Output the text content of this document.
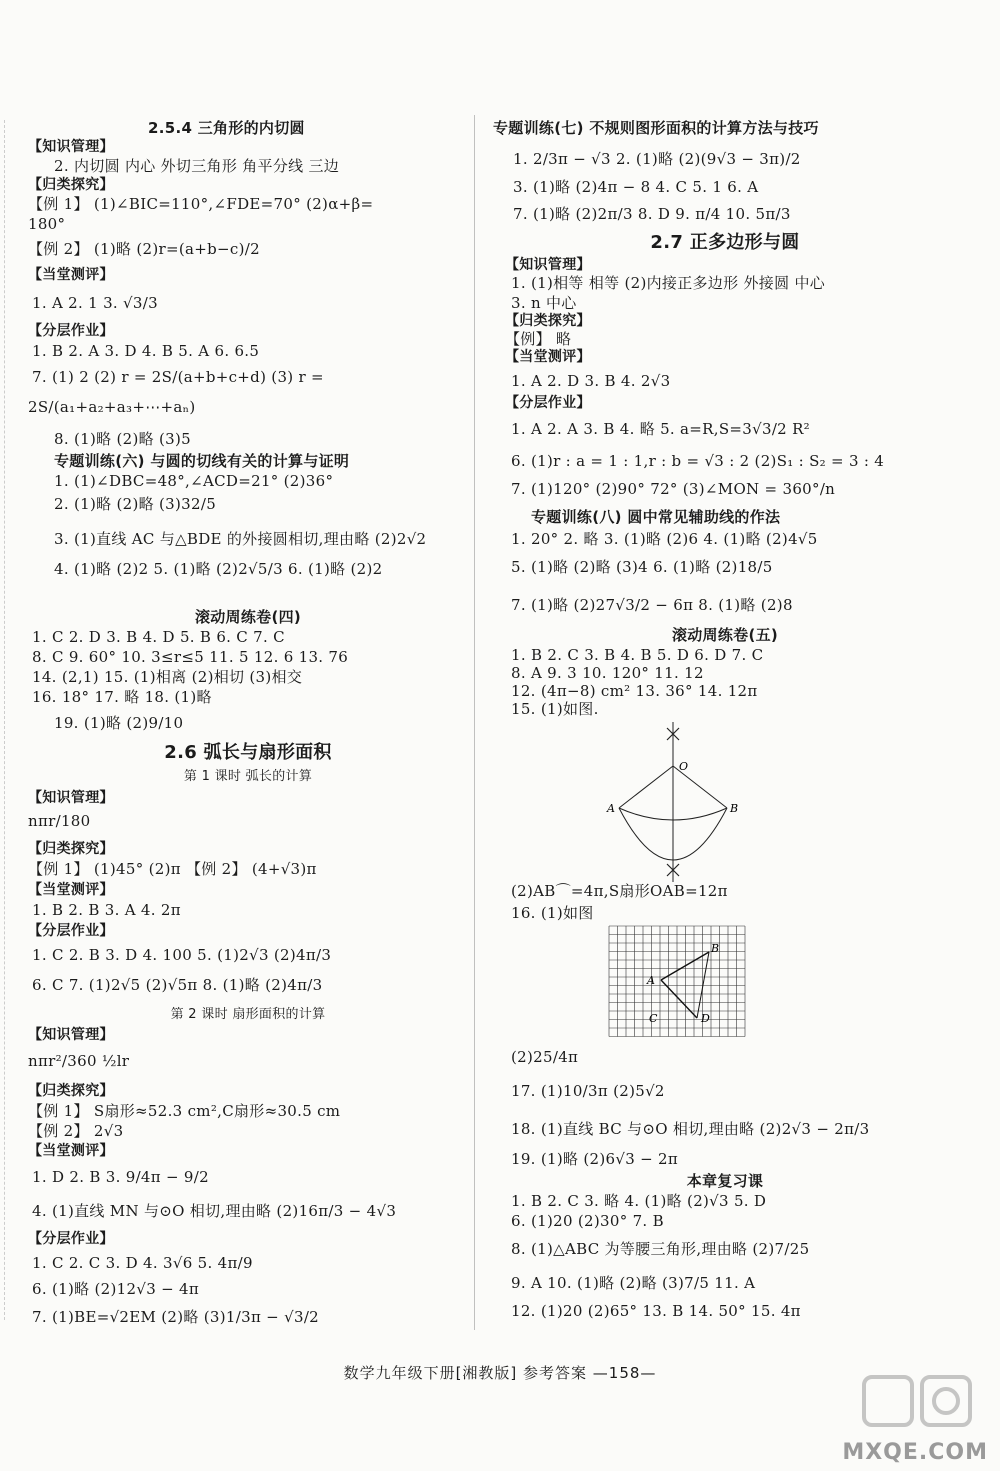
2.5.4 三角形的内切圆
【知识管理】
2. 内切圆 内心 外切三角形 角平分线 三边
【归类探究】
【例 1】 (1)∠BIC=110°,∠FDE=70° (2)α+β=
180°
【例 2】 (1)略 (2)r=(a+b−c)/2
【当堂测评】
1. A 2. 1 3. √3/3
【分层作业】
1. B 2. A 3. D 4. B 5. A 6. 6.5
7. (1) 2 (2) r = 2S/(a+b+c+d) (3) r =
2S/(a₁+a₂+a₃+⋯+aₙ)
8. (1)略 (2)略 (3)5
专题训练(六) 与圆的切线有关的计算与证明
1. (1)∠DBC=48°,∠ACD=21° (2)36°
2. (1)略 (2)略 (3)32/5
3. (1)直线 AC 与△BDE 的外接圆相切,理由略 (2)2√2
4. (1)略 (2)2 5. (1)略 (2)2√5/3 6. (1)略 (2)2
滚动周练卷(四)
1. C 2. D 3. B 4. D 5. B 6. C 7. C
8. C 9. 60° 10. 3≤r≤5 11. 5 12. 6 13. 76
14. (2,1) 15. (1)相离 (2)相切 (3)相交
16. 18° 17. 略 18. (1)略
19. (1)略 (2)9/10
2.6 弧长与扇形面积
第 1 课时 弧长的计算
【知识管理】
nπr/180
【归类探究】
【例 1】 (1)45° (2)π 【例 2】 (4+√3)π
【当堂测评】
1. B 2. B 3. A 4. 2π
【分层作业】
1. C 2. B 3. D 4. 100 5. (1)2√3 (2)4π/3
6. C 7. (1)2√5 (2)√5π 8. (1)略 (2)4π/3
第 2 课时 扇形面积的计算
【知识管理】
nπr²/360 ½lr
【归类探究】
【例 1】 S扇形≈52.3 cm²,C扇形≈30.5 cm
【例 2】 2√3
【当堂测评】
1. D 2. B 3. 9/4π − 9/2
4. (1)直线 MN 与⊙O 相切,理由略 (2)16π/3 − 4√3
【分层作业】
1. C 2. C 3. D 4. 3√6 5. 4π/9
6. (1)略 (2)12√3 − 4π
7. (1)BE=√2EM (2)略 (3)1/3π − √3/2
专题训练(七) 不规则图形面积的计算方法与技巧
1. 2/3π − √3 2. (1)略 (2)(9√3 − 3π)/2
3. (1)略 (2)4π − 8 4. C 5. 1 6. A
7. (1)略 (2)2π/3 8. D 9. π/4 10. 5π/3
2.7 正多边形与圆
【知识管理】
1. (1)相等 相等 (2)内接正多边形 外接圆 中心
3. n 中心
【归类探究】
【例】 略
【当堂测评】
1. A 2. D 3. B 4. 2√3
【分层作业】
1. A 2. A 3. B 4. 略 5. a=R,S=3√3/2 R²
6. (1)r : a = 1 : 1,r : b = √3 : 2 (2)S₁ : S₂ = 3 : 4
7. (1)120° (2)90° 72° (3)∠MON = 360°/n
专题训练(八) 圆中常见辅助线的作法
1. 20° 2. 略 3. (1)略 (2)6 4. (1)略 (2)4√5
5. (1)略 (2)略 (3)4 6. (1)略 (2)18/5
7. (1)略 (2)27√3/2 − 6π 8. (1)略 (2)8
滚动周练卷(五)
1. B 2. C 3. B 4. B 5. D 6. D 7. C
8. A 9. 3 10. 120° 11. 12
12. (4π−8) cm² 13. 36° 14. 12π
15. (1)如图.
O
A	B
(2)AB⌒=4π,S扇形OAB=12π
16. (1)如图
A
B
C	D
(2)25/4π
17. (1)10/3π (2)5√2
18. (1)直线 BC 与⊙O 相切,理由略 (2)2√3 − 2π/3
19. (1)略 (2)6√3 − 2π
本章复习课
1. B 2. C 3. 略 4. (1)略 (2)√3 5. D
6. (1)20 (2)30° 7. B
8. (1)△ABC 为等腰三角形,理由略 (2)7/25
9. A 10. (1)略 (2)略 (3)7/5 11. A
12. (1)20 (2)65° 13. B 14. 50° 15. 4π
数学九年级下册[湘教版] 参考答案 —158—
MXQE.COM
